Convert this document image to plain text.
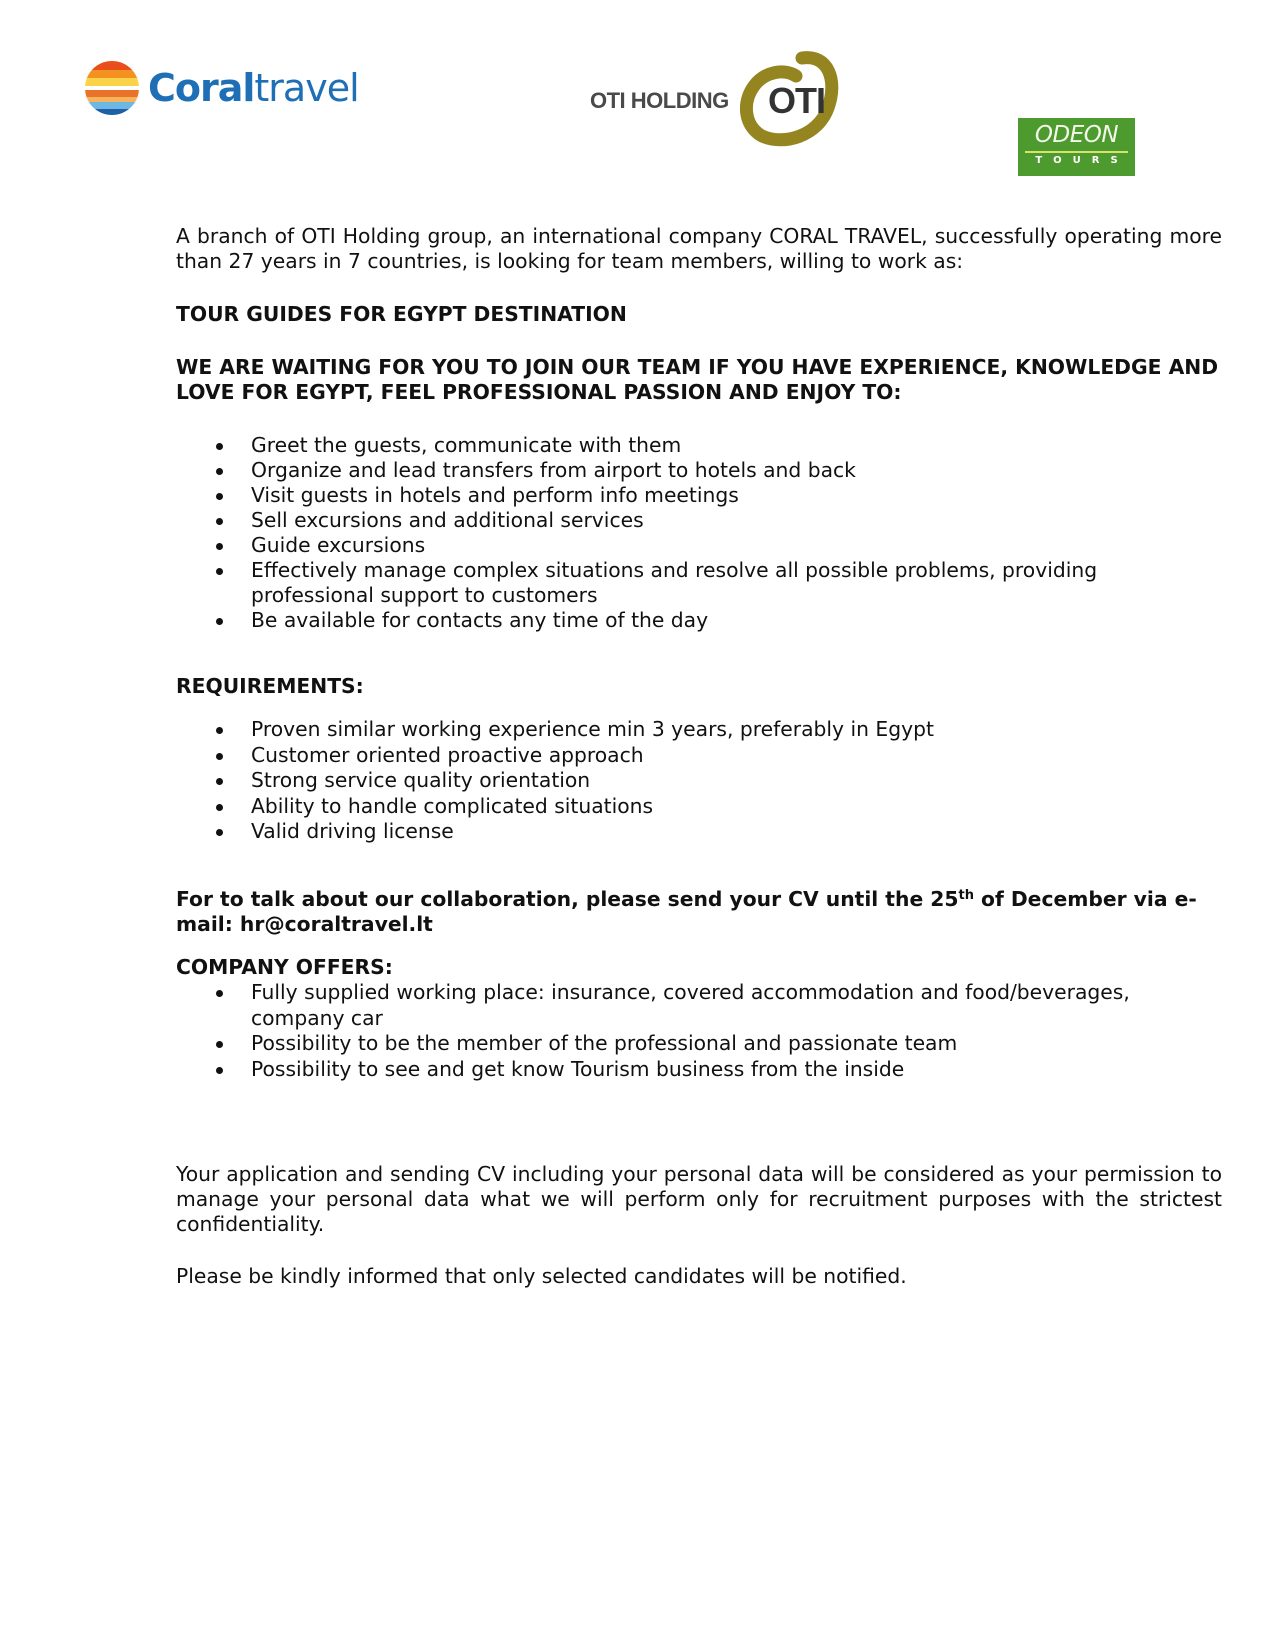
Coraltravel	OTI HOLDING OTI
ODEON
TOURS

A branch of OTI Holding group, an international company CORAL TRAVEL, successfully operating more than 27 years in 7 countries, is looking for team members, willing to work as:

TOUR GUIDES FOR EGYPT DESTINATION

WE ARE WAITING FOR YOU TO JOIN OUR TEAM IF YOU HAVE EXPERIENCE, KNOWLEDGE AND LOVE FOR EGYPT, FEEL PROFESSIONAL PASSION AND ENJOY TO:

Greet the guests, communicate with them
Organize and lead transfers from airport to hotels and back
Visit guests in hotels and perform info meetings
Sell excursions and additional services
Guide excursions
Effectively manage complex situations and resolve all possible problems, providing professional support to customers
Be available for contacts any time of the day

REQUIREMENTS:

Proven similar working experience min 3 years, preferably in Egypt
Customer oriented proactive approach
Strong service quality orientation
Ability to handle complicated situations
Valid driving license

For to talk about our collaboration, please send your CV until the 25th of December via e-mail: hr@coraltravel.lt

COMPANY OFFERS:

Fully supplied working place: insurance, covered accommodation and food/beverages, company car
Possibility to be the member of the professional and passionate team
Possibility to see and get know Tourism business from the inside

Your application and sending CV including your personal data will be considered as your permission to manage your personal data what we will perform only for recruitment purposes with the strictest confidentiality.

Please be kindly informed that only selected candidates will be notified.
